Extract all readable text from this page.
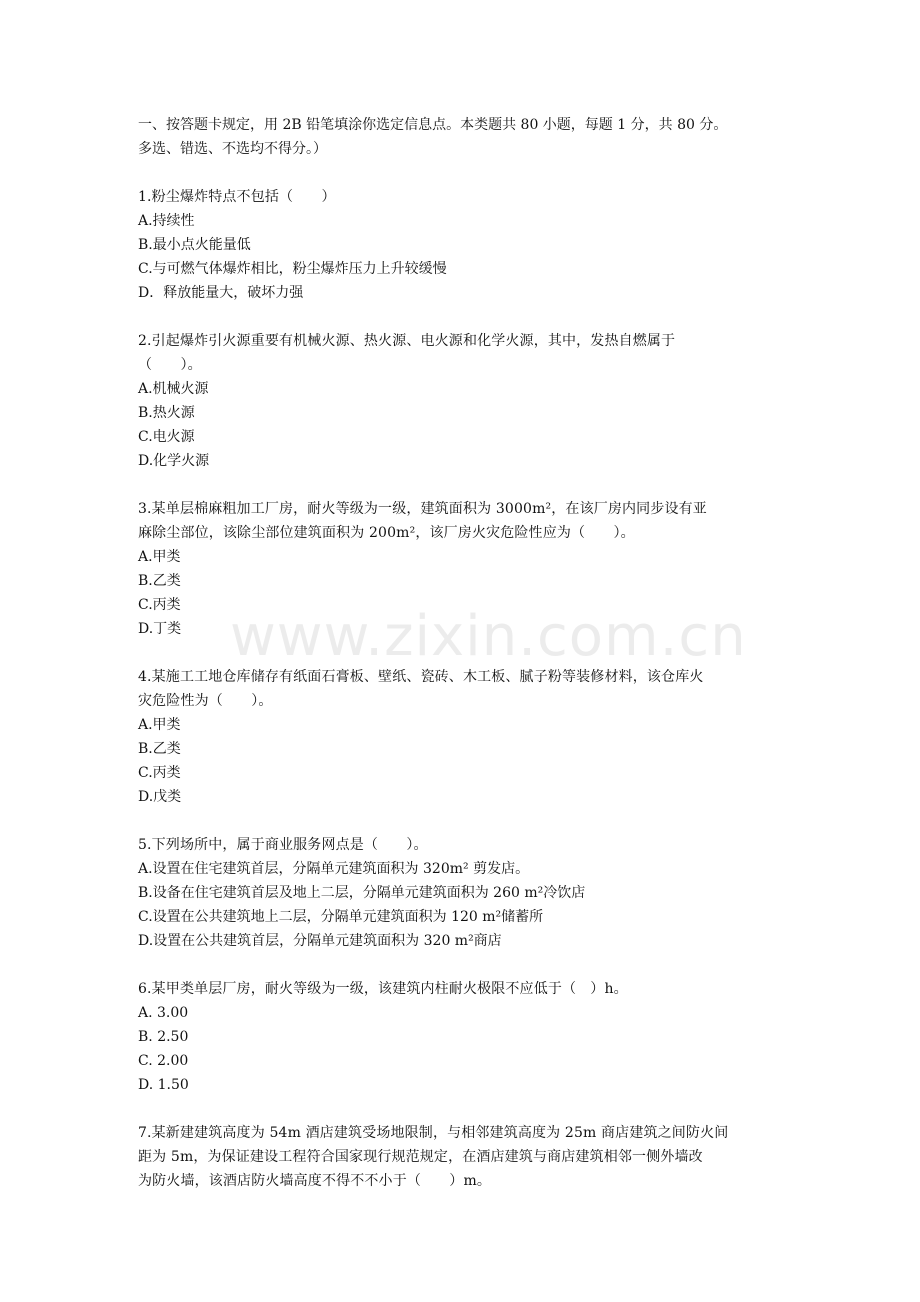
www.zixin.com.cn
一、按答题卡规定，用 2B 铅笔填涂你选定信息点。本类题共 80 小题，每题 1 分，共 80 分。
多选、错选、不选均不得分。）
1.粉尘爆炸特点不包括（　　）
A.持续性
B.最小点火能量低
C.与可燃气体爆炸相比，粉尘爆炸压力上升较缓慢
D．释放能量大，破坏力强
2.引起爆炸引火源重要有机械火源、热火源、电火源和化学火源，其中，发热自燃属于
（　　）。
A.机械火源
B.热火源
C.电火源
D.化学火源
3.某单层棉麻粗加工厂房，耐火等级为一级，建筑面积为 3000m²，在该厂房内同步设有亚
麻除尘部位，该除尘部位建筑面积为 200m²，该厂房火灾危险性应为（　　）。
A.甲类
B.乙类
C.丙类
D.丁类
4.某施工工地仓库储存有纸面石膏板、壁纸、瓷砖、木工板、腻子粉等装修材料，该仓库火
灾危险性为（　　）。
A.甲类
B.乙类
C.丙类
D.戊类
5.下列场所中，属于商业服务网点是（　　）。
A.设置在住宅建筑首层，分隔单元建筑面积为 320m² 剪发店。
B.设备在住宅建筑首层及地上二层，分隔单元建筑面积为 260 m²冷饮店
C.设置在公共建筑地上二层，分隔单元建筑面积为 120 m²储蓄所
D.设置在公共建筑首层，分隔单元建筑面积为 320 m²商店
6.某甲类单层厂房，耐火等级为一级，该建筑内柱耐火极限不应低于（　）h。
A. 3.00
B. 2.50
C. 2.00
D. 1.50
7.某新建建筑高度为 54m 酒店建筑受场地限制，与相邻建筑高度为 25m 商店建筑之间防火间
距为 5m，为保证建设工程符合国家现行规范规定，在酒店建筑与商店建筑相邻一侧外墙改
为防火墙，该酒店防火墙高度不得不不小于（　　）m。
